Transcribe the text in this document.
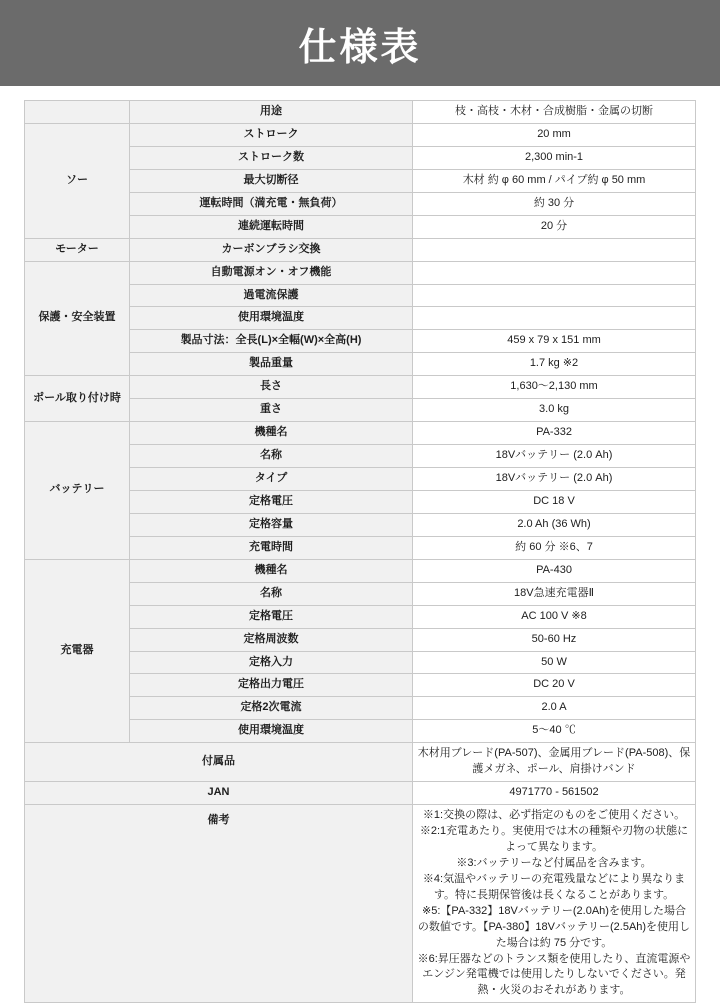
仕様表
	用途	枝・高枝・木材・合成樹脂・金属の切断
ソー	ストローク	20 mm
	ストローク数	2,300 min-1
	最大切断径	木材 約 φ 60 mm / パイプ約 φ 50 mm
	運転時間（満充電・無負荷）	約 30 分
	連続運転時間	20 分
モーター	カーボンブラシ交換	
保護・安全装置	自動電源オン・オフ機能	
	過電流保護	
	使用環境温度	
	製品寸法：全長(L)×全幅(W)×全高(H)	459 x 79 x 151 mm
	製品重量	1.7 kg ※2
ポール取り付け時	長さ	1,630〜2,130 mm
	重さ	3.0 kg
バッテリー	機種名	PA-332
	名称	18Vバッテリー (2.0 Ah)
	タイプ	18Vバッテリー (2.0 Ah)
	定格電圧	DC 18 V
	定格容量	2.0 Ah (36 Wh)
	充電時間	約 60 分 ※6、7
充電器	機種名	PA-430
	名称	18V急速充電器Ⅱ
	定格電圧	AC 100 V ※8
	定格周波数	50-60 Hz
	定格入力	50 W
	定格出力電圧	DC 20 V
	定格2次電流	2.0 A
	使用環境温度	5〜40 ℃
付属品		木材用ブレード(PA-507)、金属用ブレード(PA-508)、保護メガネ、ポール、肩掛けバンド
JAN		4971770 - 561502
備考	※1:交換の際は、必ず指定のものをご使用ください。
※2:1充電あたり。実使用では木の種類や刃物の状態によって異なります。
※3:バッテリーなど付属品を含みます。
※4:気温やバッテリーの充電残量などにより異なります。特に長期保管後は長くなることがあります。
※5:【PA-332】18Vバッテリー(2.0Ah)を使用した場合の数値です。【PA-380】18Vバッテリー(2.5Ah)を使用した場合は約 75 分です。
※6:昇圧器などのトランス類を使用したり、直流電源やエンジン発電機では使用したりしないでください。発熱・火災のおそれがあります。
